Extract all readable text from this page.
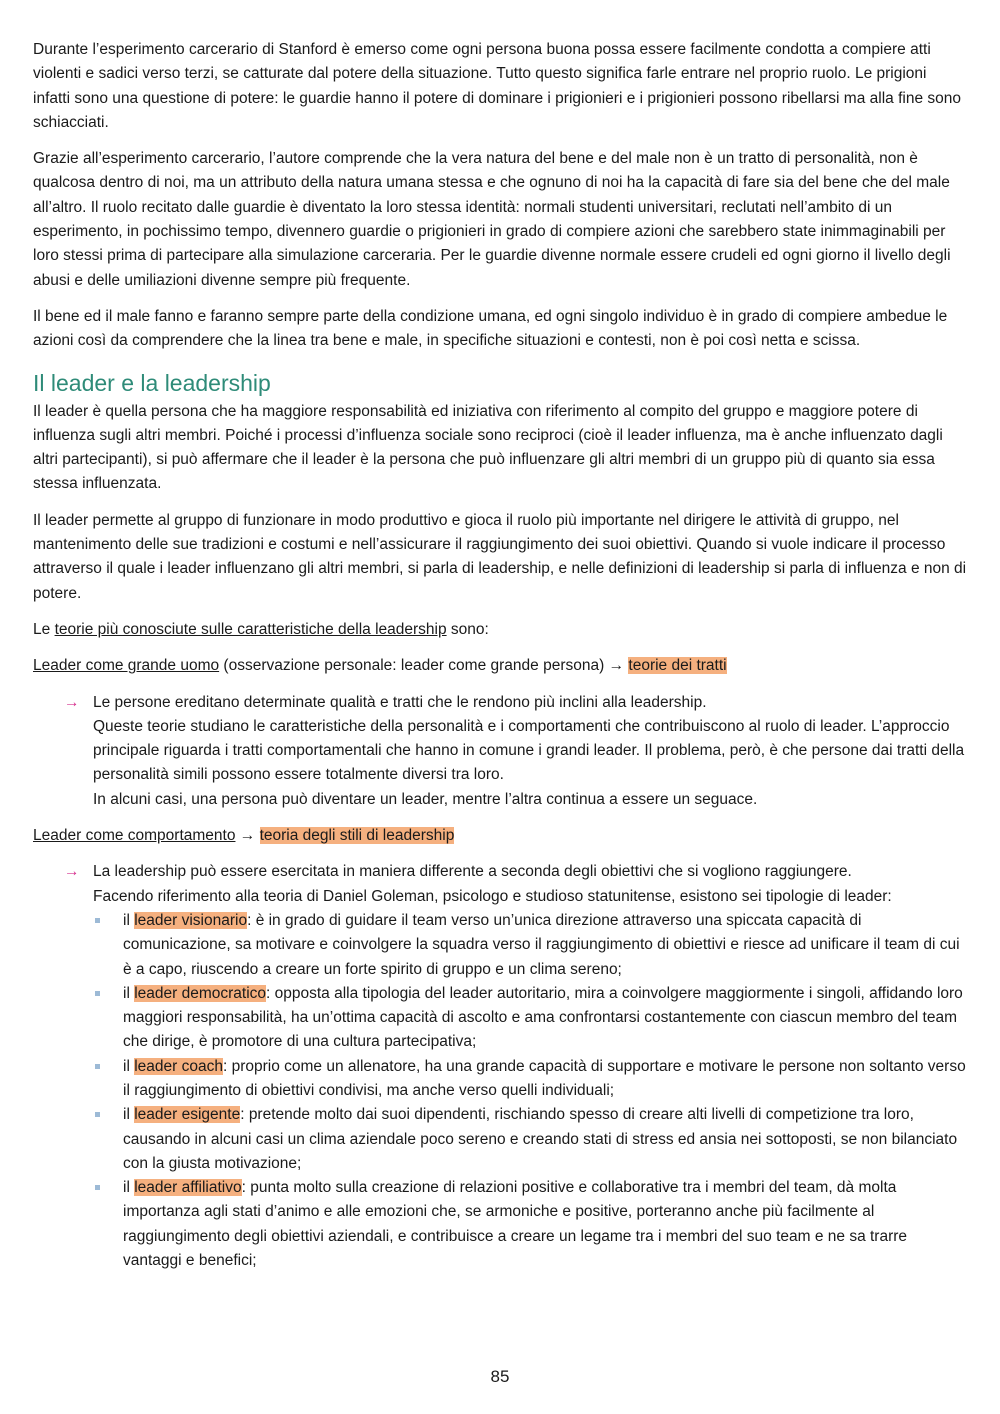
Durante l’esperimento carcerario di Stanford è emerso come ogni persona buona possa essere facilmente condotta a compiere atti violenti e sadici verso terzi, se catturate dal potere della situazione. Tutto questo significa farle entrare nel proprio ruolo. Le prigioni infatti sono una questione di potere: le guardie hanno il potere di dominare i prigionieri e i prigionieri possono ribellarsi ma alla fine sono schiacciati.

Grazie all’esperimento carcerario, l’autore comprende che la vera natura del bene e del male non è un tratto di personalità, non è qualcosa dentro di noi, ma un attributo della natura umana stessa e che ognuno di noi ha la capacità di fare sia del bene che del male all’altro. Il ruolo recitato dalle guardie è diventato la loro stessa identità: normali studenti universitari, reclutati nell’ambito di un esperimento, in pochissimo tempo, divennero guardie o prigionieri in grado di compiere azioni che sarebbero state inimmaginabili per loro stessi prima di partecipare alla simulazione carceraria. Per le guardie divenne normale essere crudeli ed ogni giorno il livello degli abusi e delle umiliazioni divenne sempre più frequente.

Il bene ed il male fanno e faranno sempre parte della condizione umana, ed ogni singolo individuo è in grado di compiere ambedue le azioni così da comprendere che la linea tra bene e male, in specifiche situazioni e contesti, non è poi così netta e scissa.

Il leader e la leadership

Il leader è quella persona che ha maggiore responsabilità ed iniziativa con riferimento al compito del gruppo e maggiore potere di influenza sugli altri membri. Poiché i processi d’influenza sociale sono reciproci (cioè il leader influenza, ma è anche influenzato dagli altri partecipanti), si può affermare che il leader è la persona che può influenzare gli altri membri di un gruppo più di quanto sia essa stessa influenzata.

Il leader permette al gruppo di funzionare in modo produttivo e gioca il ruolo più importante nel dirigere le attività di gruppo, nel mantenimento delle sue tradizioni e costumi e nell’assicurare il raggiungimento dei suoi obiettivi. Quando si vuole indicare il processo attraverso il quale i leader influenzano gli altri membri, si parla di leadership, e nelle definizioni di leadership si parla di influenza e non di potere.

Le teorie più conosciute sulle caratteristiche della leadership sono:

Leader come grande uomo (osservazione personale: leader come grande persona) → teorie dei tratti

→ Le persone ereditano determinate qualità e tratti che le rendono più inclini alla leadership.
Queste teorie studiano le caratteristiche della personalità e i comportamenti che contribuiscono al ruolo di leader. L’approccio principale riguarda i tratti comportamentali che hanno in comune i grandi leader. Il problema, però, è che persone dai tratti della personalità simili possono essere totalmente diversi tra loro.
In alcuni casi, una persona può diventare un leader, mentre l’altra continua a essere un seguace.

Leader come comportamento → teoria degli stili di leadership

→ La leadership può essere esercitata in maniera differente a seconda degli obiettivi che si vogliono raggiungere.
Facendo riferimento alla teoria di Daniel Goleman, psicologo e studioso statunitense, esistono sei tipologie di leader:
il leader visionario: è in grado di guidare il team verso un’unica direzione attraverso una spiccata capacità di comunicazione, sa motivare e coinvolgere la squadra verso il raggiungimento di obiettivi e riesce ad unificare il team di cui è a capo, riuscendo a creare un forte spirito di gruppo e un clima sereno;
il leader democratico: opposta alla tipologia del leader autoritario, mira a coinvolgere maggiormente i singoli, affidando loro maggiori responsabilità, ha un’ottima capacità di ascolto e ama confrontarsi costantemente con ciascun membro del team che dirige, è promotore di una cultura partecipativa;
il leader coach: proprio come un allenatore, ha una grande capacità di supportare e motivare le persone non soltanto verso il raggiungimento di obiettivi condivisi, ma anche verso quelli individuali;
il leader esigente: pretende molto dai suoi dipendenti, rischiando spesso di creare alti livelli di competizione tra loro, causando in alcuni casi un clima aziendale poco sereno e creando stati di stress ed ansia nei sottoposti, se non bilanciato con la giusta motivazione;
il leader affiliativo: punta molto sulla creazione di relazioni positive e collaborative tra i membri del team, dà molta importanza agli stati d’animo e alle emozioni che, se armoniche e positive, porteranno anche più facilmente al raggiungimento degli obiettivi aziendali, e contribuisce a creare un legame tra i membri del suo team e ne sa trarre vantaggi e benefici;
85
